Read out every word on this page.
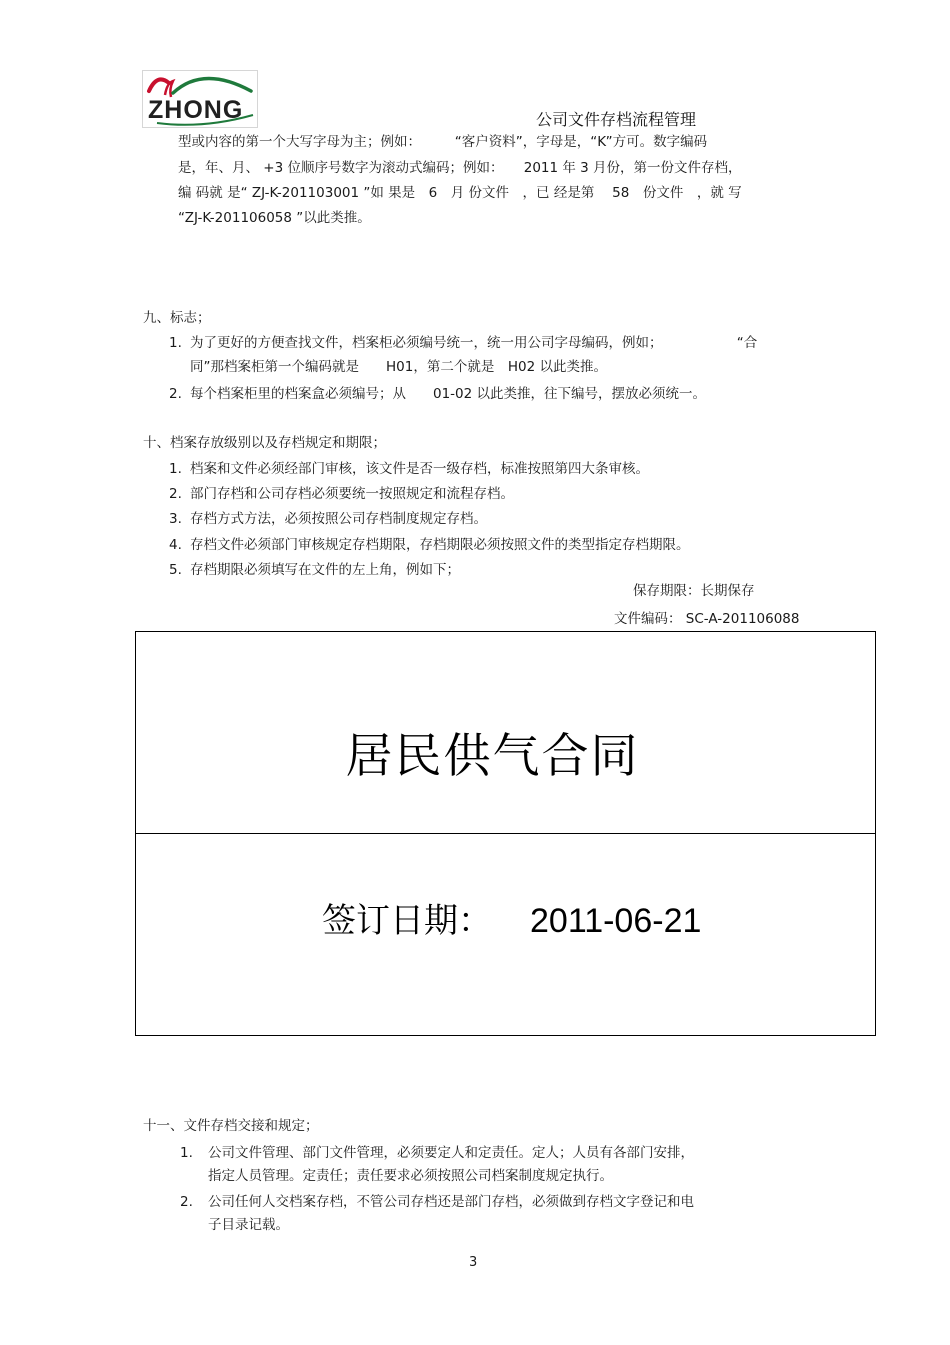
ZHONG	公司文件存档流程管理
型或内容的第一个大写字母为主；例如：　　　“客户资料”，字母是，“K”方可。数字编码
是，年、月、 +3 位顺序号数字为滚动式编码；例如：　　2011 年 3 月份，第一份文件存档，
编 码就 是“ ZJ-K-201103001 ”如 果是　6　月 份文件　，已 经是第　 58　份文件　，就 写
“ZJ-K-201106058 ”以此类推。
九、标志；
1. 为了更好的方便查找文件，档案柜必须编号统一，统一用公司字母编码，例如；　　　　　　“合
同”那档案柜第一个编码就是　　H01，第二个就是　H02 以此类推。
2. 每个档案柜里的档案盒必须编号；从　　01-02 以此类推，往下编号，摆放必须统一。
十、档案存放级别以及存档规定和期限；
1. 档案和文件必须经部门审核，该文件是否一级存档，标准按照第四大条审核。
2. 部门存档和公司存档必须要统一按照规定和流程存档。
3. 存档方式方法，必须按照公司存档制度规定存档。
4. 存档文件必须部门审核规定存档期限，存档期限必须按照文件的类型指定存档期限。
5. 存档期限必须填写在文件的左上角，例如下；
保存期限：长期保存
文件编码： SC-A-201106088
居民供气合同
签订日期： 2011-06-21
十一、文件存档交接和规定；
1. 公司文件管理、部门文件管理，必须要定人和定责任。定人；人员有各部门安排，
指定人员管理。定责任；责任要求必须按照公司档案制度规定执行。
2. 公司任何人交档案存档，不管公司存档还是部门存档，必须做到存档文字登记和电
子目录记载。
3
